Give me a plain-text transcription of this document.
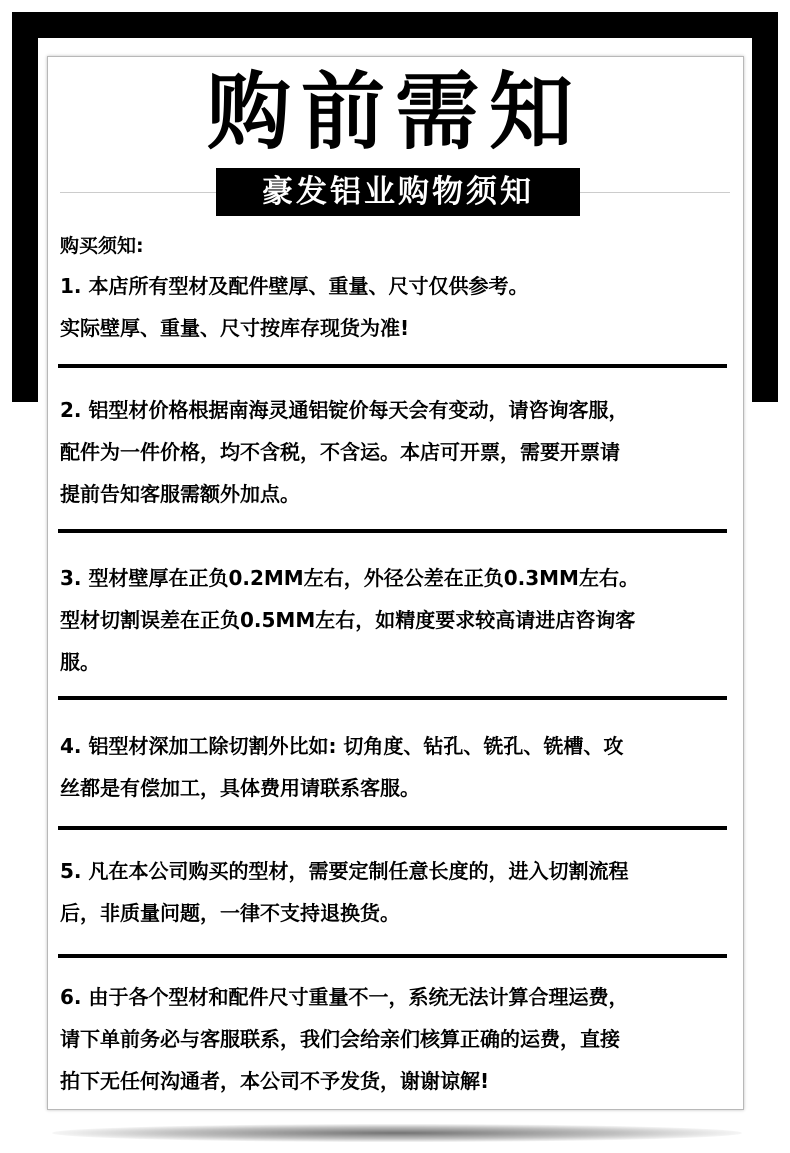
购前需知
豪发铝业购物须知
购买须知:

1. 本店所有型材及配件壁厚、重量、尺寸仅供参考。
实际壁厚、重量、尺寸按库存现货为准!

2. 铝型材价格根据南海灵通铝锭价每天会有变动，请咨询客服，
配件为一件价格，均不含税，不含运。本店可开票，需要开票请
提前告知客服需额外加点。

3. 型材壁厚在正负0.2MM左右，外径公差在正负0.3MM左右。
型材切割误差在正负0.5MM左右，如精度要求较高请进店咨询客
服。

4. 铝型材深加工除切割外比如: 切角度、钻孔、铣孔、铣槽、攻
丝都是有偿加工，具体费用请联系客服。

5. 凡在本公司购买的型材，需要定制任意长度的，进入切割流程
后，非质量问题，一律不支持退换货。

6. 由于各个型材和配件尺寸重量不一，系统无法计算合理运费，
请下单前务必与客服联系，我们会给亲们核算正确的运费，直接
拍下无任何沟通者，本公司不予发货，谢谢谅解!
